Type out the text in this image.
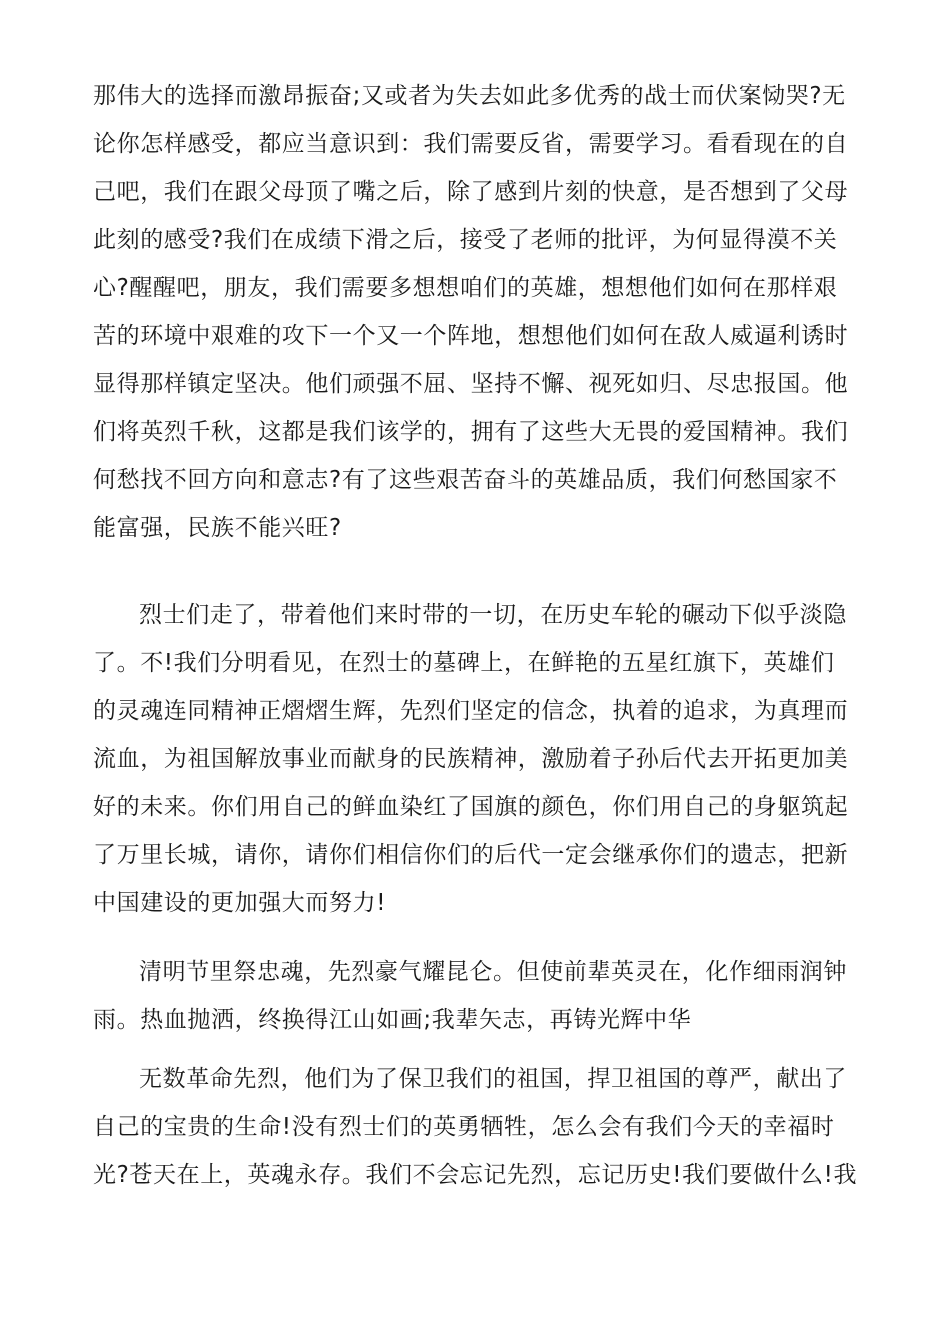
那伟大的选择而激昂振奋;又或者为失去如此多优秀的战士而伏案恸哭?无
论你怎样感受，都应当意识到：我们需要反省，需要学习。看看现在的自
己吧，我们在跟父母顶了嘴之后，除了感到片刻的快意，是否想到了父母
此刻的感受?我们在成绩下滑之后，接受了老师的批评，为何显得漠不关
心?醒醒吧，朋友，我们需要多想想咱们的英雄，想想他们如何在那样艰
苦的环境中艰难的攻下一个又一个阵地，想想他们如何在敌人威逼利诱时
显得那样镇定坚决。他们顽强不屈、坚持不懈、视死如归、尽忠报国。他
们将英烈千秋，这都是我们该学的，拥有了这些大无畏的爱国精神。我们
何愁找不回方向和意志?有了这些艰苦奋斗的英雄品质，我们何愁国家不
能富强，民族不能兴旺?
烈士们走了，带着他们来时带的一切，在历史车轮的碾动下似乎淡隐
了。不!我们分明看见，在烈士的墓碑上，在鲜艳的五星红旗下，英雄们
的灵魂连同精神正熠熠生辉，先烈们坚定的信念，执着的追求，为真理而
流血，为祖国解放事业而献身的民族精神，激励着子孙后代去开拓更加美
好的未来。你们用自己的鲜血染红了国旗的颜色，你们用自己的身躯筑起
了万里长城，请你，请你们相信你们的后代一定会继承你们的遗志，把新
中国建设的更加强大而努力!
清明节里祭忠魂，先烈豪气耀昆仑。但使前辈英灵在，化作细雨润钟
雨。热血抛洒，终换得江山如画;我辈矢志，再铸光辉中华
无数革命先烈，他们为了保卫我们的祖国，捍卫祖国的尊严，献出了
自己的宝贵的生命!没有烈士们的英勇牺牲，怎么会有我们今天的幸福时
光?苍天在上，英魂永存。我们不会忘记先烈，忘记历史!我们要做什么!我
